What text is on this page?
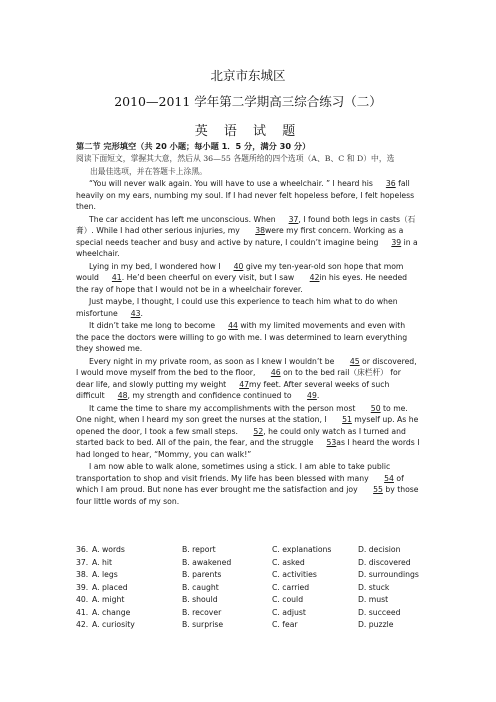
北京市东城区
2010—2011 学年第二学期高三综合练习（二）
英 语 试 题
第二节 完形填空（共 20 小题；每小题 1．5 分，满分 30 分）
阅读下面短文，掌握其大意，然后从 36—55 各题所给的四个选项（A、B、C 和 D）中，选
出最佳选项，并在答题卡上涂黑。

“You will never walk again. You will have to use a wheelchair. ” I heard his 36 fall heavily on my ears, numbing my soul. If I had never felt hopeless before, I felt hopeless then.

The car accident has left me unconscious. When 37, I found both legs in casts（石膏）. While I had other serious injuries, my 38were my first concern. Working as a special needs teacher and busy and active by nature, I couldn’t imagine being 39 in a wheelchair.

Lying in my bed, I wondered how I 40 give my ten-year-old son hope that mom would 41. He’d been cheerful on every visit, but I saw 42in his eyes. He needed the ray of hope that I would not be in a wheelchair forever.

Just maybe, I thought, I could use this experience to teach him what to do when misfortune 43.

It didn’t take me long to become 44 with my limited movements and even with the pace the doctors were willing to go with me. I was determined to learn everything they showed me.

Every night in my private room, as soon as I knew I wouldn’t be 45 or discovered, I would move myself from the bed to the floor, 46 on to the bed rail（床栏杆） for dear life, and slowly putting my weight 47my feet. After several weeks of such difficult 48, my strength and confidence continued to 49.

It came the time to share my accomplishments with the person most 50 to me. One night, when I heard my son greet the nurses at the station, I 51 myself up. As he opened the door, I took a few small steps. 52, he could only watch as I turned and started back to bed. All of the pain, the fear, and the struggle 53as I heard the words I had longed to hear, “Mommy, you can walk!”

I am now able to walk alone, sometimes using a stick. I am able to take public transportation to shop and visit friends. My life has been blessed with many 54 of which I am proud. But none has ever brought me the satisfaction and joy 55 by those four little words of my son.

36. A. words	B. report	C. explanations	D. decision
37. A. hit	B. awakened	C. asked	D. discovered
38. A. legs	B. parents	C. activities	D. surroundings
39. A. placed	B. caught	C. carried	D. stuck
40. A. might	B. should	C. could	D. must
41. A. change	B. recover	C. adjust	D. succeed
42. A. curiosity	B. surprise	C. fear	D. puzzle
